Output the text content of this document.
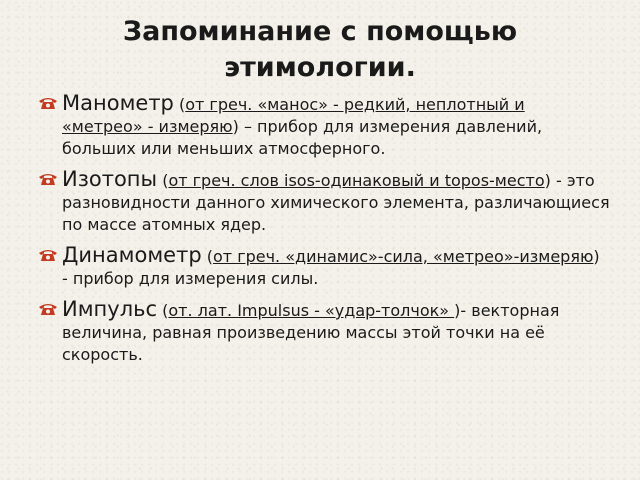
Запоминание с помощью этимологии.
Манометр (от греч. «манос» - редкий, неплотный и «метрео» - измеряю) – прибор для измерения давлений, больших или меньших атмосферного.
Изотопы (от греч. слов isos-одинаковый и topos-место) - это разновидности данного химического элемента, различающиеся по массе атомных ядер.
Динамометр (от греч. «динамис»-сила, «метрео»-измеряю) - прибор для измерения силы.
Импульс (от. лат. Impulsus - «удар-толчок» )- векторная величина, равная произведению массы этой точки на её скорость.
